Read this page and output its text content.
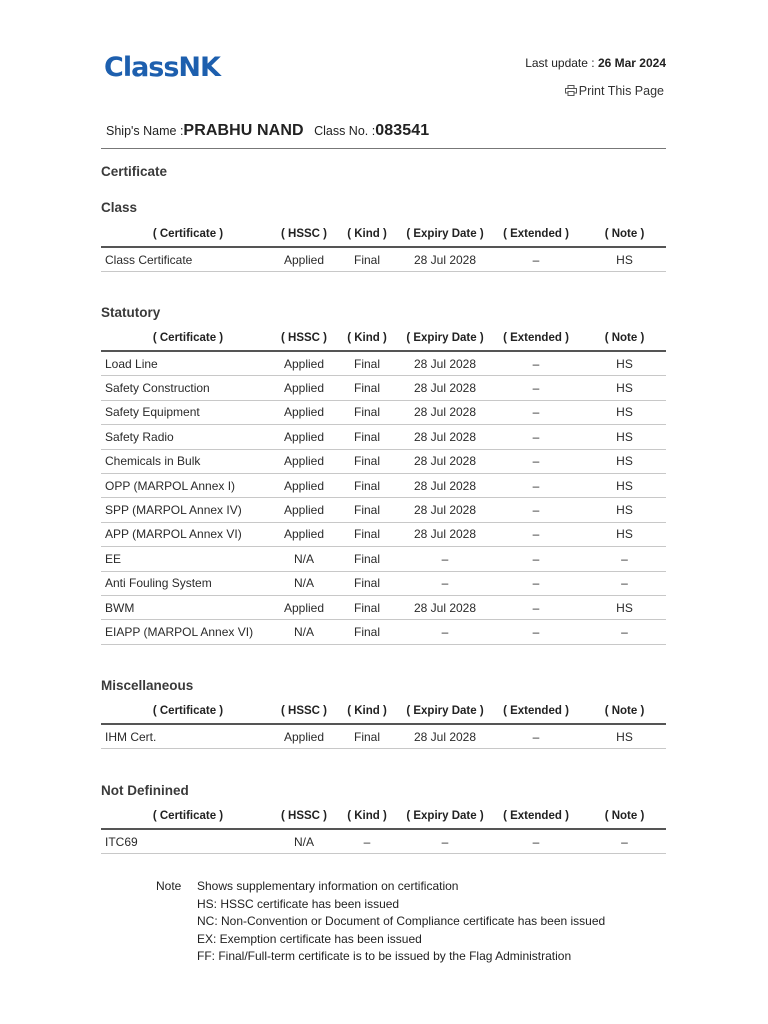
ClassNK	Last update : 26 Mar 2024
Print This Page
Ship's Name :PRABHU NAND Class No. :083541
Certificate
Class
( Certificate )	( HSSC )	( Kind )	( Expiry Date )	( Extended )	( Note )
Class Certificate	Applied	Final	28 Jul 2028	–	HS
Statutory
( Certificate )	( HSSC )	( Kind )	( Expiry Date )	( Extended )	( Note )
Load Line	Applied	Final	28 Jul 2028	–	HS
Safety Construction	Applied	Final	28 Jul 2028	–	HS
Safety Equipment	Applied	Final	28 Jul 2028	–	HS
Safety Radio	Applied	Final	28 Jul 2028	–	HS
Chemicals in Bulk	Applied	Final	28 Jul 2028	–	HS
OPP (MARPOL Annex I)	Applied	Final	28 Jul 2028	–	HS
SPP (MARPOL Annex IV)	Applied	Final	28 Jul 2028	–	HS
APP (MARPOL Annex VI)	Applied	Final	28 Jul 2028	–	HS
EE	N/A	Final	–	–	–
Anti Fouling System	N/A	Final	–	–	–
BWM	Applied	Final	28 Jul 2028	–	HS
EIAPP (MARPOL Annex VI)	N/A	Final	–	–	–
Miscellaneous
( Certificate )	( HSSC )	( Kind )	( Expiry Date )	( Extended )	( Note )
IHM Cert.	Applied	Final	28 Jul 2028	–	HS
Not Definined
( Certificate )	( HSSC )	( Kind )	( Expiry Date )	( Extended )	( Note )
ITC69	N/A	–	–	–	–
Note Shows supplementary information on certification
HS: HSSC certificate has been issued
NC: Non-Convention or Document of Compliance certificate has been issued
EX: Exemption certificate has been issued
FF: Final/Full-term certificate is to be issued by the Flag Administration
